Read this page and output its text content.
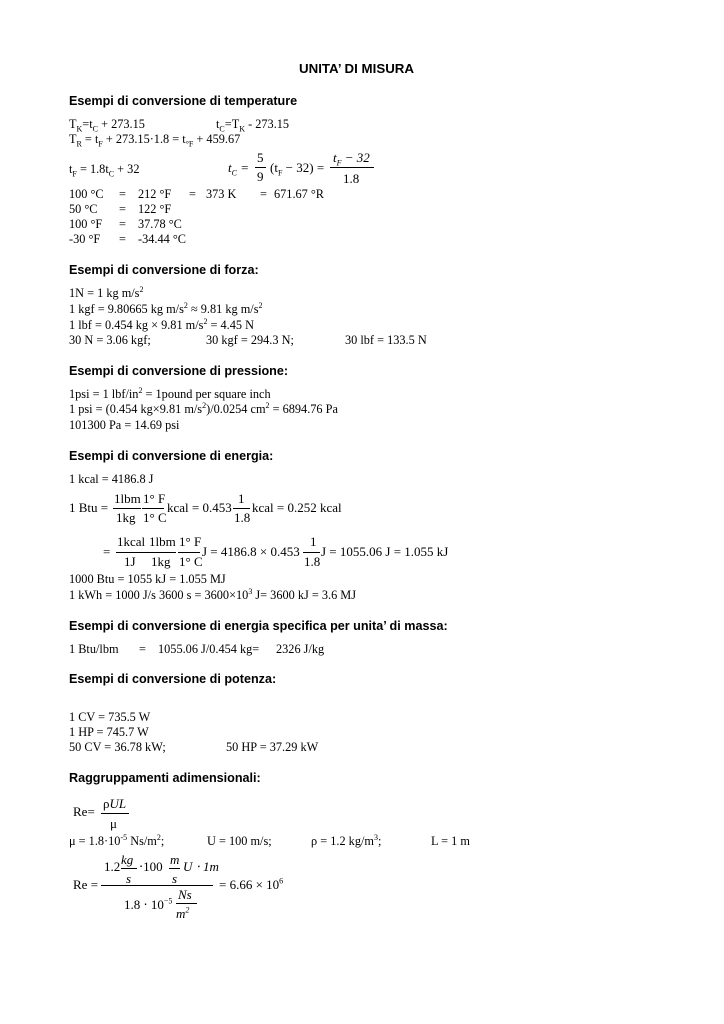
UNITA’ DI MISURA
Esempi di conversione di temperature
$T_K=t_C + 273.15$	$t_C=T_K - 273.15$
$T_R = t_F + 273.15\cdot 1.8 = t_{^\circ F} + 459.67$
$t_F = 1.8t_C + 32$	$t_C$ =
5
9
$(t_F - 32)$ =
$t_F - 32$
1.8
100 °C = 212 °F = 373 K = 671.67 °R
50 °C = 122 °F
100 °F = 37.78 °C
-30 °F = -34.44 °C
Esempi di conversione di forza:
1N = 1 kg $m/s^2$
1 kgf = 9.80665 kg $m/s^2 \approx 9.81$ kg $m/s^2$
1 lbf = 0.454 kg × 9.81 $m/s^2 = 4.45$ N
30 N = 3.06 kgf;	30 kgf = 294.3 N;	30 lbf = 133.5 N
Esempi di conversione di pressione:
1psi = 1 lbf/$in^2$ = 1pound per square inch
1 psi = (0.454 kg×9.81 $m/s^2)/0.0254$ $cm^2 = 6894.76$ Pa
101300 Pa = 14.69 psi
Esempi di conversione di energia:
1 kcal = 4186.8 J
1 Btu =
1lbm
1kg
1° F
1° C
kcal = 0.453
1
1.8
kcal = 0.252 kcal
=
1kcal
1J
1lbm
1kg
1° F
1° C
J = 4186.8 × 0.453
1
1.8
J = 1055.06 J = 1.055 kJ
1000 Btu = 1055 kJ = 1.055 MJ
1 kWh = 1000 J/s 3600 $s = 3600\times 10^3$ J= 3600 kJ = 3.6 MJ
Esempi di conversione di energia specifica per unita’ di massa:
1 Btu/lbm = 1055.06 J/0.454 kg= 2326 J/kg
Esempi di conversione di potenza:
1 CV = 735.5 W
1 HP = 745.7 W
50 CV = 36.78 kW;	50 HP = 37.29 kW
Raggruppamenti adimensionali:
Re=
ρUL
μ
$\mu = 1.8\cdot 10^{-5}$ $Ns/m^2$;	U = 100 m/s;	ρ = 1.2 $kg/m^3$;	L = 1 m
Re =
1.2 kg
s
⋅100 m
s
U ⋅ 1m
$1.8 \cdot 10^{-5}$ Ns
$m^2$
= $6.66 \times 10^6$
